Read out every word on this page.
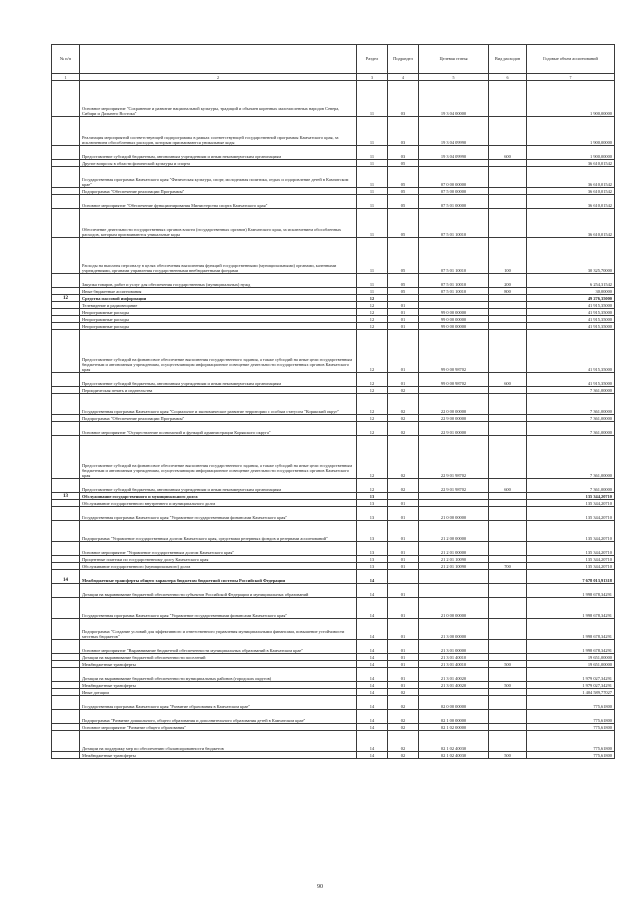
№ п/п		Раздел	Подраздел	Целевая статья	Вид расходов	Годовые объем ассигнований
1	2	3	4	5	6	7
	Основное мероприятие "Сохранение и развитие национальной культуры, традиций и обычаев коренных малочисленных народов Севера, Сибири и Дальнего Востока"	11	03	19 3 04 00000		1 900,00000
	Реализация мероприятий соответствующей подпрограммы в рамках соответствующей государственной программы Камчатского края, за исключением обособленных расходов, которым присваиваются уникальные коды	11	03	19 3 04 09990		1 900,00000
	Предоставление субсидий бюджетным, автономным учреждениям и иным некоммерческим организациям	11	03	19 3 04 09990	600	1 900,00000
	Другие вопросы в области физической культуры и спорта	11	05			36 610,01542
	Государственная программа Камчатского края "Физическая культура, спорт, молодежная политика, отдых и оздоровление детей в Камчатском крае"	11	05	07 0 00 00000		36 610,01542
	Подпрограмма "Обеспечение реализации Программы"	11	05	07 5 00 00000		36 610,01542
	Основное мероприятие "Обеспечение функционирования Министерства спорта Камчатского края"	11	05	07 5 01 00000		36 610,01542
	Обеспечение деятельности государственных органов власти (государственных органов) Камчатского края, за исключением обособленных расходов, которым присваиваются уникальные коды	11	05	07 5 01 10010		36 610,01542
	Расходы на выплаты персоналу в целях обеспечения выполнения функций государственными (муниципальными) органами, казенными учреждениями, органами управления государственными внебюджетными фондами	11	05	07 5 01 10010	100	30 325,70000
	Закупка товаров, работ и услуг для обеспечения государственных (муниципальных) нужд	11	05	07 5 01 10010	200	6 254,31542
	Иные бюджетные ассигнования	11	05	07 5 01 10010	800	30,00000
12	Средства массовой информации	12				49 276,35000
	Телевидение и радиовещание	12	01			41 915,35000
	Непрограммные расходы	12	01	99 0 00 00000		41 915,35000
	Непрограммные расходы	12	01	99 0 00 00000		41 915,35000
	Непрограммные расходы	12	01	99 0 00 00000		41 915,35000
	Предоставление субсидий на финансовое обеспечение выполнения государственного задания, а также субсидий на иные цели государственным бюджетным и автономным учреждениям, осуществляющим информационное освещение деятельности государственных органов Камчатского края	12	01	99 0 00 98702		41 915,35000
	Предоставление субсидий бюджетным, автономным учреждениям и иным некоммерческим организациям	12	01	99 0 00 98702	600	41 915,35000
	Периодическая печать и издательства	12	02			7 361,00000
	Государственная программа Камчатского края "Социальное и экономическое развитие территории с особым статусом "Корякский округ"	12	02	22 0 00 00000		7 361,00000
	Подпрограмма "Обеспечение реализации Программы"	12	02	22 9 00 00000		7 361,00000
	Основное мероприятие "Осуществление полномочий и функций администрации Корякского округа"	12	02	22 9 01 00000		7 361,00000
	Предоставление субсидий на финансовое обеспечение выполнения государственного задания, а также субсидий на иные цели государственным бюджетным и автономным учреждениям, осуществляющим информационное освещение деятельности государственных органов Камчатского края	12	02	22 9 01 98702		7 361,00000
	Предоставление субсидий бюджетным, автономным учреждениям и иным некоммерческим организациям	12	02	22 9 01 98702	600	7 361,00000
13	Обслуживание государственного и муниципального долга	13				135 344,20710
	Обслуживание государственного внутреннего и муниципального долга	13	01			135 344,20710
	Государственная программа Камчатского края "Управление государственными финансами Камчатского края"	13	01	21 0 00 00000		135 344,20710
	Подпрограмма "Управление государственным долгом Камчатского края, средствами резервных фондов и резервами ассигнований"	13	01	21 2 00 00000		135 344,20710
	Основное мероприятие "Управление государственным долгом Камчатского края"	13	01	21 2 01 00000		135 344,20710
	Процентные платежи по государственному долгу Камчатского края	13	01	21 2 01 10090		135 344,20710
	Обслуживание государственного (муниципального) долга	13	01	21 2 01 10090	700	135 344,20710
14	Межбюджетные трансферты общего характера бюджетам бюджетной системы Российской Федерации	14				7 678 013,91318
	Дотации на выравнивание бюджетной обеспеченности субъектов Российской Федерации и муниципальных образований	14	01			1 998 678,34291
	Государственная программа Камчатского края "Управление государственными финансами Камчатского края"	14	01	21 0 00 00000		1 998 678,34291
	Подпрограмма "Создание условий для эффективного и ответственного управления муниципальными финансами, повышение устойчивости местных бюджетов"	14	01	21 3 00 00000		1 998 678,34291
	Основное мероприятие "Выравнивание бюджетной обеспеченности муниципальных образований в Камчатском крае"	14	01	21 3 01 00000		1 998 678,34291
	Дотации на выравнивание бюджетной обеспеченности поселений	14	01	21 3 01 40010		19 651,00000
	Межбюджетные трансферты	14	01	21 3 01 40010	500	19 651,00000
	Дотации на выравнивание бюджетной обеспеченности муниципальных районов (городских округов)	14	01	21 3 01 40020		1 979 027,34291
	Межбюджетные трансферты	14	01	21 3 01 40020	500	1 979 027,34291
	Иные дотации	14	02			1 404 589,77027
	Государственная программа Камчатского края "Развитие образования в Камчатском крае"	14	02	02 0 00 00000		775,61800
	Подпрограмма "Развитие дошкольного, общего образования и дополнительного образования детей в Камчатском крае"	14	02	02 1 00 00000		775,61800
	Основное мероприятие "Развитие общего образования"	14	02	02 1 02 00000		775,61800
	Дотации на поддержку мер по обеспечению сбалансированности бюджетов	14	02	02 1 02 40030		775,61800
	Межбюджетные трансферты	14	02	02 1 02 40030	500	775,61800
90
